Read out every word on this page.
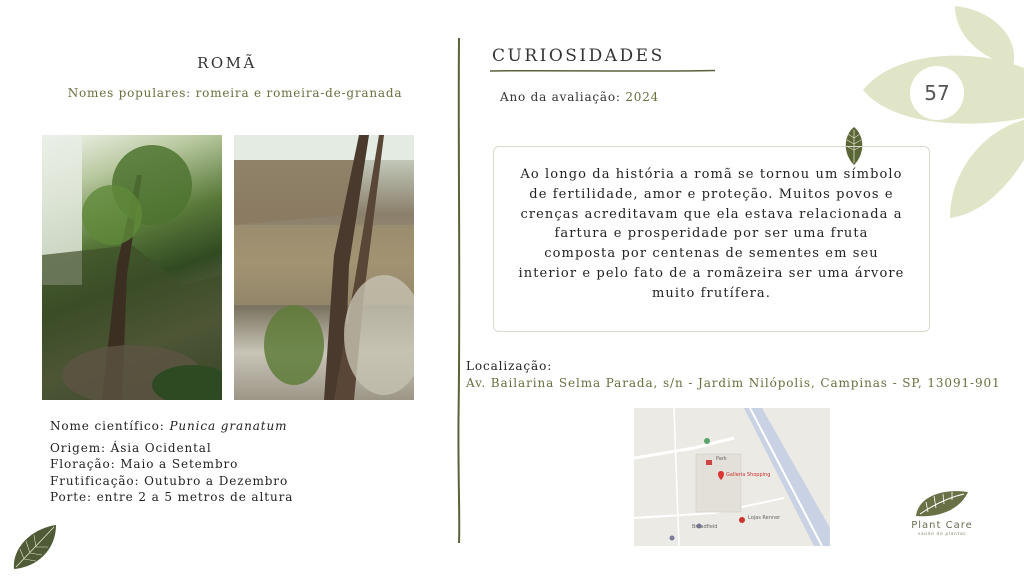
57
ROMÃ
Nomes populares: romeira e romeira-de-granada
Nome científico: Punica granatum
Origem: Ásia Ocidental
Floração: Maio a Setembro
Frutificação: Outubro a Dezembro
Porte: entre 2 a 5 metros de altura
CURIOSIDADES
Ano da avaliação: 2024
Ao longo da história a romã se tornou um símbolo de fertilidade, amor e proteção. Muitos povos e crenças acreditavam que ela estava relacionada a fartura e prosperidade por ser uma fruta composta por centenas de sementes em seu interior e pelo fato de a romãzeira ser uma árvore muito frutífera.
Localização:
Av. Bailarina Selma Parada, s/n - Jardim Nilópolis, Campinas - SP, 13091-901
Galleria Shopping
Park
Lojas Renner
Broadfield	Plant Care
saúde de plantas
